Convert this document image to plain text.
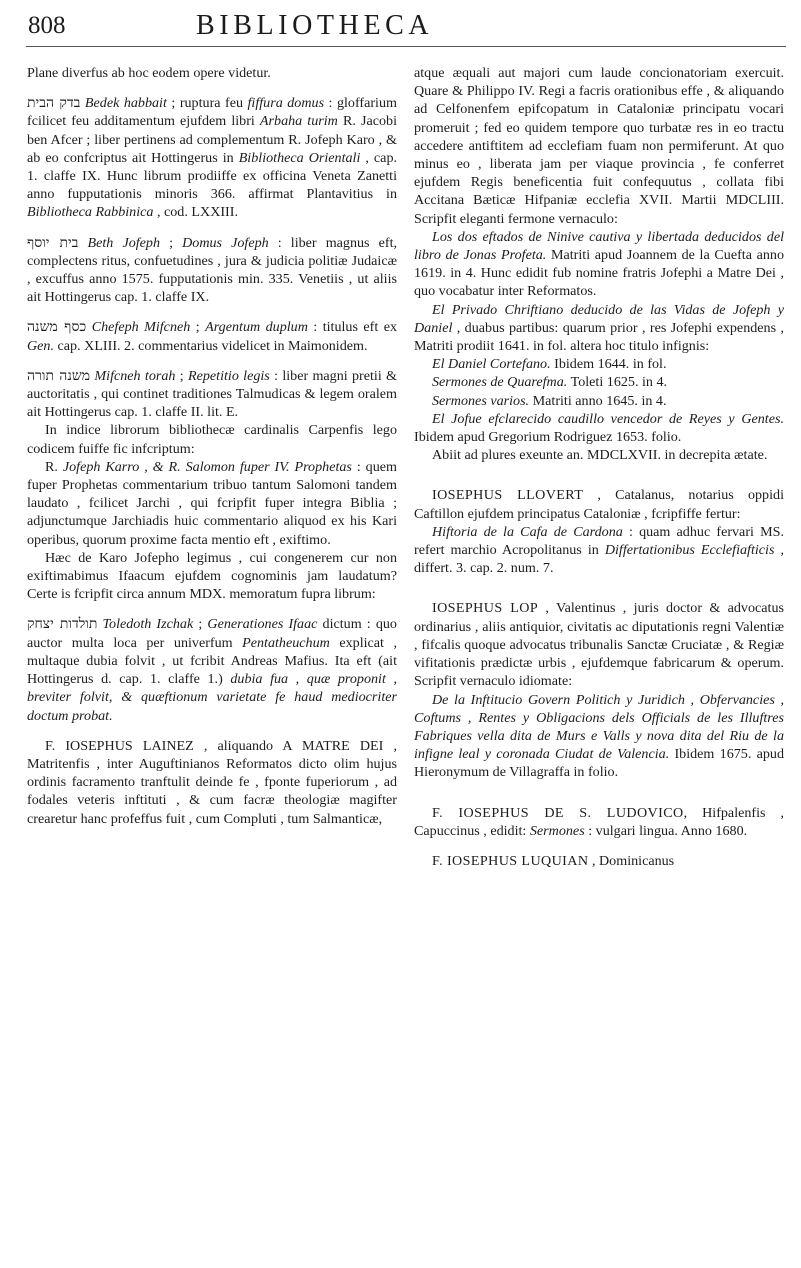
808	BIBLIOTHECA

Plane diverfus ab hoc eodem opere videtur.

בדק הבית Bedek habbait ; ruptura feu fiffura domus : gloffarium fcilicet feu additamentum ejufdem libri Arbaha turim R. Jacobi ben Afcer ; liber pertinens ad complementum R. Jofeph Karo , & ab eo confcriptus ait Hottingerus in Bibliotheca Orientali , cap. 1. claffe IX. Hunc librum prodiiffe ex officina Veneta Zanetti anno fupputationis minoris 366. affirmat Plantavitius in Bibliotheca Rabbinica , cod. LXXIII.

בית יוסף Beth Jofeph ; Domus Jofeph : liber magnus eft, complectens ritus, confuetudines , jura & judicia politiæ Judaicæ , excuffus anno 1575. fupputationis min. 335. Venetiis , ut aliis ait Hottingerus cap. 1. claffe IX.

כסף משנה Chefeph Mifcneh ; Argentum duplum : titulus eft ex Gen. cap. XLIII. 2. commentarius videlicet in Maimonidem.

משנה תורה Mifcneh torah ; Repetitio legis : liber magni pretii & auctoritatis , qui continet traditiones Talmudicas & legem oralem ait Hottingerus cap. 1. claffe II. lit. E.

In indice librorum bibliothecæ cardinalis Carpenfis lego codicem fuiffe fic infcriptum:

R. Jofeph Karro , & R. Salomon fuper IV. Prophetas : quem fuper Prophetas commentarium tribuo tantum Salomoni tandem laudato , fcilicet Jarchi , qui fcripfit fuper integra Biblia ; adjunctumque Jarchiadis huic commentario aliquod ex his Kari operibus, quorum proxime facta mentio eft , exiftimo.

Hæc de Karo Jofepho legimus , cui congenerem cur non exiftimabimus Ifaacum ejufdem cognominis jam laudatum? Certe is fcripfit circa annum MDX. memoratum fupra librum:

תולדות יצחק Toledoth Izchak ; Generationes Ifaac dictum : quo auctor multa loca per univerfum Pentatheuchum explicat , multaque dubia folvit , ut fcribit Andreas Mafius. Ita eft (ait Hottingerus d. cap. 1. claffe 1.) dubia fua , quæ proponit , breviter folvit, & quæftionum varietate fe haud mediocriter doctum probat.

F. IOSEPHUS LAINEZ , aliquando A MATRE DEI , Matritenfis , inter Auguftinianos Reformatos dicto olim hujus ordinis facramento tranftulit deinde fe , fponte fuperiorum , ad fodales veteris inftituti , & cum facræ theologiæ magifter crearetur hanc profeffus fuit , cum Compluti , tum Salmanticæ,

atque æquali aut majori cum laude concionatoriam exercuit. Quare & Philippo IV. Regi a facris orationibus effe , & aliquando ad Celfonenfem epifcopatum in Cataloniæ principatu vocari promeruit ; fed eo quidem tempore quo turbatæ res in eo tractu accedere antiftitem ad ecclefiam fuam non permiferunt. At quo minus eo , liberata jam per viaque provincia , fe conferret ejufdem Regis beneficentia fuit confequutus , collata fibi Accitana Bæticæ Hifpaniæ ecclefia XVII. Martii MDCLIII. Scripfit eleganti fermone vernaculo:

Los dos eftados de Ninive cautiva y libertada deducidos del libro de Jonas Profeta. Matriti apud Joannem de la Cuefta anno 1619. in 4. Hunc edidit fub nomine fratris Jofephi a Matre Dei , quo vocabatur inter Reformatos.

El Privado Chriftiano deducido de las Vidas de Jofeph y Daniel , duabus partibus: quarum prior , res Jofephi expendens , Matriti prodiit 1641. in fol. altera hoc titulo infignis:

El Daniel Cortefano. Ibidem 1644. in fol.

Sermones de Quarefma. Toleti 1625. in 4.

Sermones varios. Matriti anno 1645. in 4.

El Jofue efclarecido caudillo vencedor de Reyes y Gentes. Ibidem apud Gregorium Rodriguez 1653. folio.

Abiit ad plures exeunte an. MDCLXVII. in decrepita ætate.

IOSEPHUS LLOVERT , Catalanus, notarius oppidi Caftillon ejufdem principatus Cataloniæ , fcripfiffe fertur:

Hiftoria de la Cafa de Cardona : quam adhuc fervari MS. refert marchio Acropolitanus in Differtationibus Ecclefiafticis , differt. 3. cap. 2. num. 7.

IOSEPHUS LOP , Valentinus , juris doctor & advocatus ordinarius , aliis antiquior, civitatis ac diputationis regni Valentiæ , fifcalis quoque advocatus tribunalis Sanctæ Cruciatæ , & Regiæ vifitationis prædictæ urbis , ejufdemque fabricarum & operum. Scripfit vernaculo idiomate:

De la Inftitucio Govern Politich y Juridich , Obfervancies , Coftums , Rentes y Obligacions dels Officials de les Illuftres Fabriques vella dita de Murs e Valls y nova dita del Riu de la infigne leal y coronada Ciudat de Valencia. Ibidem 1675. apud Hieronymum de Villagraffa in folio.

F. IOSEPHUS DE S. LUDOVICO, Hifpalenfis , Capuccinus , edidit: Sermones : vulgari lingua. Anno 1680.

F. IOSEPHUS LUQUIAN , Dominicanus
